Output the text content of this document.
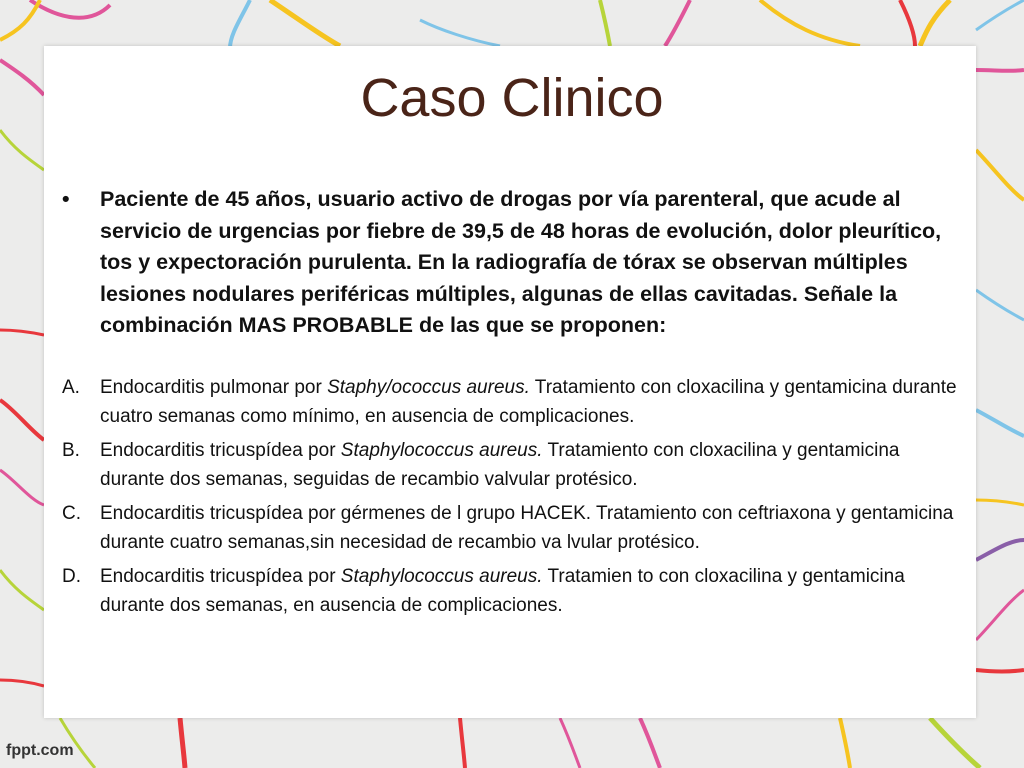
Caso Clinico
• Paciente de 45 años, usuario activo de drogas por vía parenteral, que acude al servicio de urgencias por fiebre de 39,5 de 48 horas de evolución, dolor pleurítico, tos y expectoración purulenta. En la radiografía de tórax se observan múltiples lesiones nodulares periféricas múltiples, algunas de ellas cavitadas. Señale la combinación MAS PROBABLE de las que se proponen:
A. Endocarditis pulmonar por Staphy/ococcus aureus. Tratamiento con cloxacilina y gentamicina durante cuatro semanas como mínimo, en ausencia de complicaciones.
B. Endocarditis tricuspídea por Staphylococcus aureus. Tratamiento con cloxacilina y gentamicina durante dos semanas, seguidas de recambio valvular protésico.
C. Endocarditis tricuspídea por gérmenes de l grupo HACEK. Tratamiento con ceftriaxona y gentamicina durante cuatro semanas,sin necesidad de recambio va lvular protésico.
D. Endocarditis tricuspídea por Staphylococcus aureus. Tratamien to con cloxacilina y gentamicina durante dos semanas, en ausencia de complicaciones.
fppt.com
